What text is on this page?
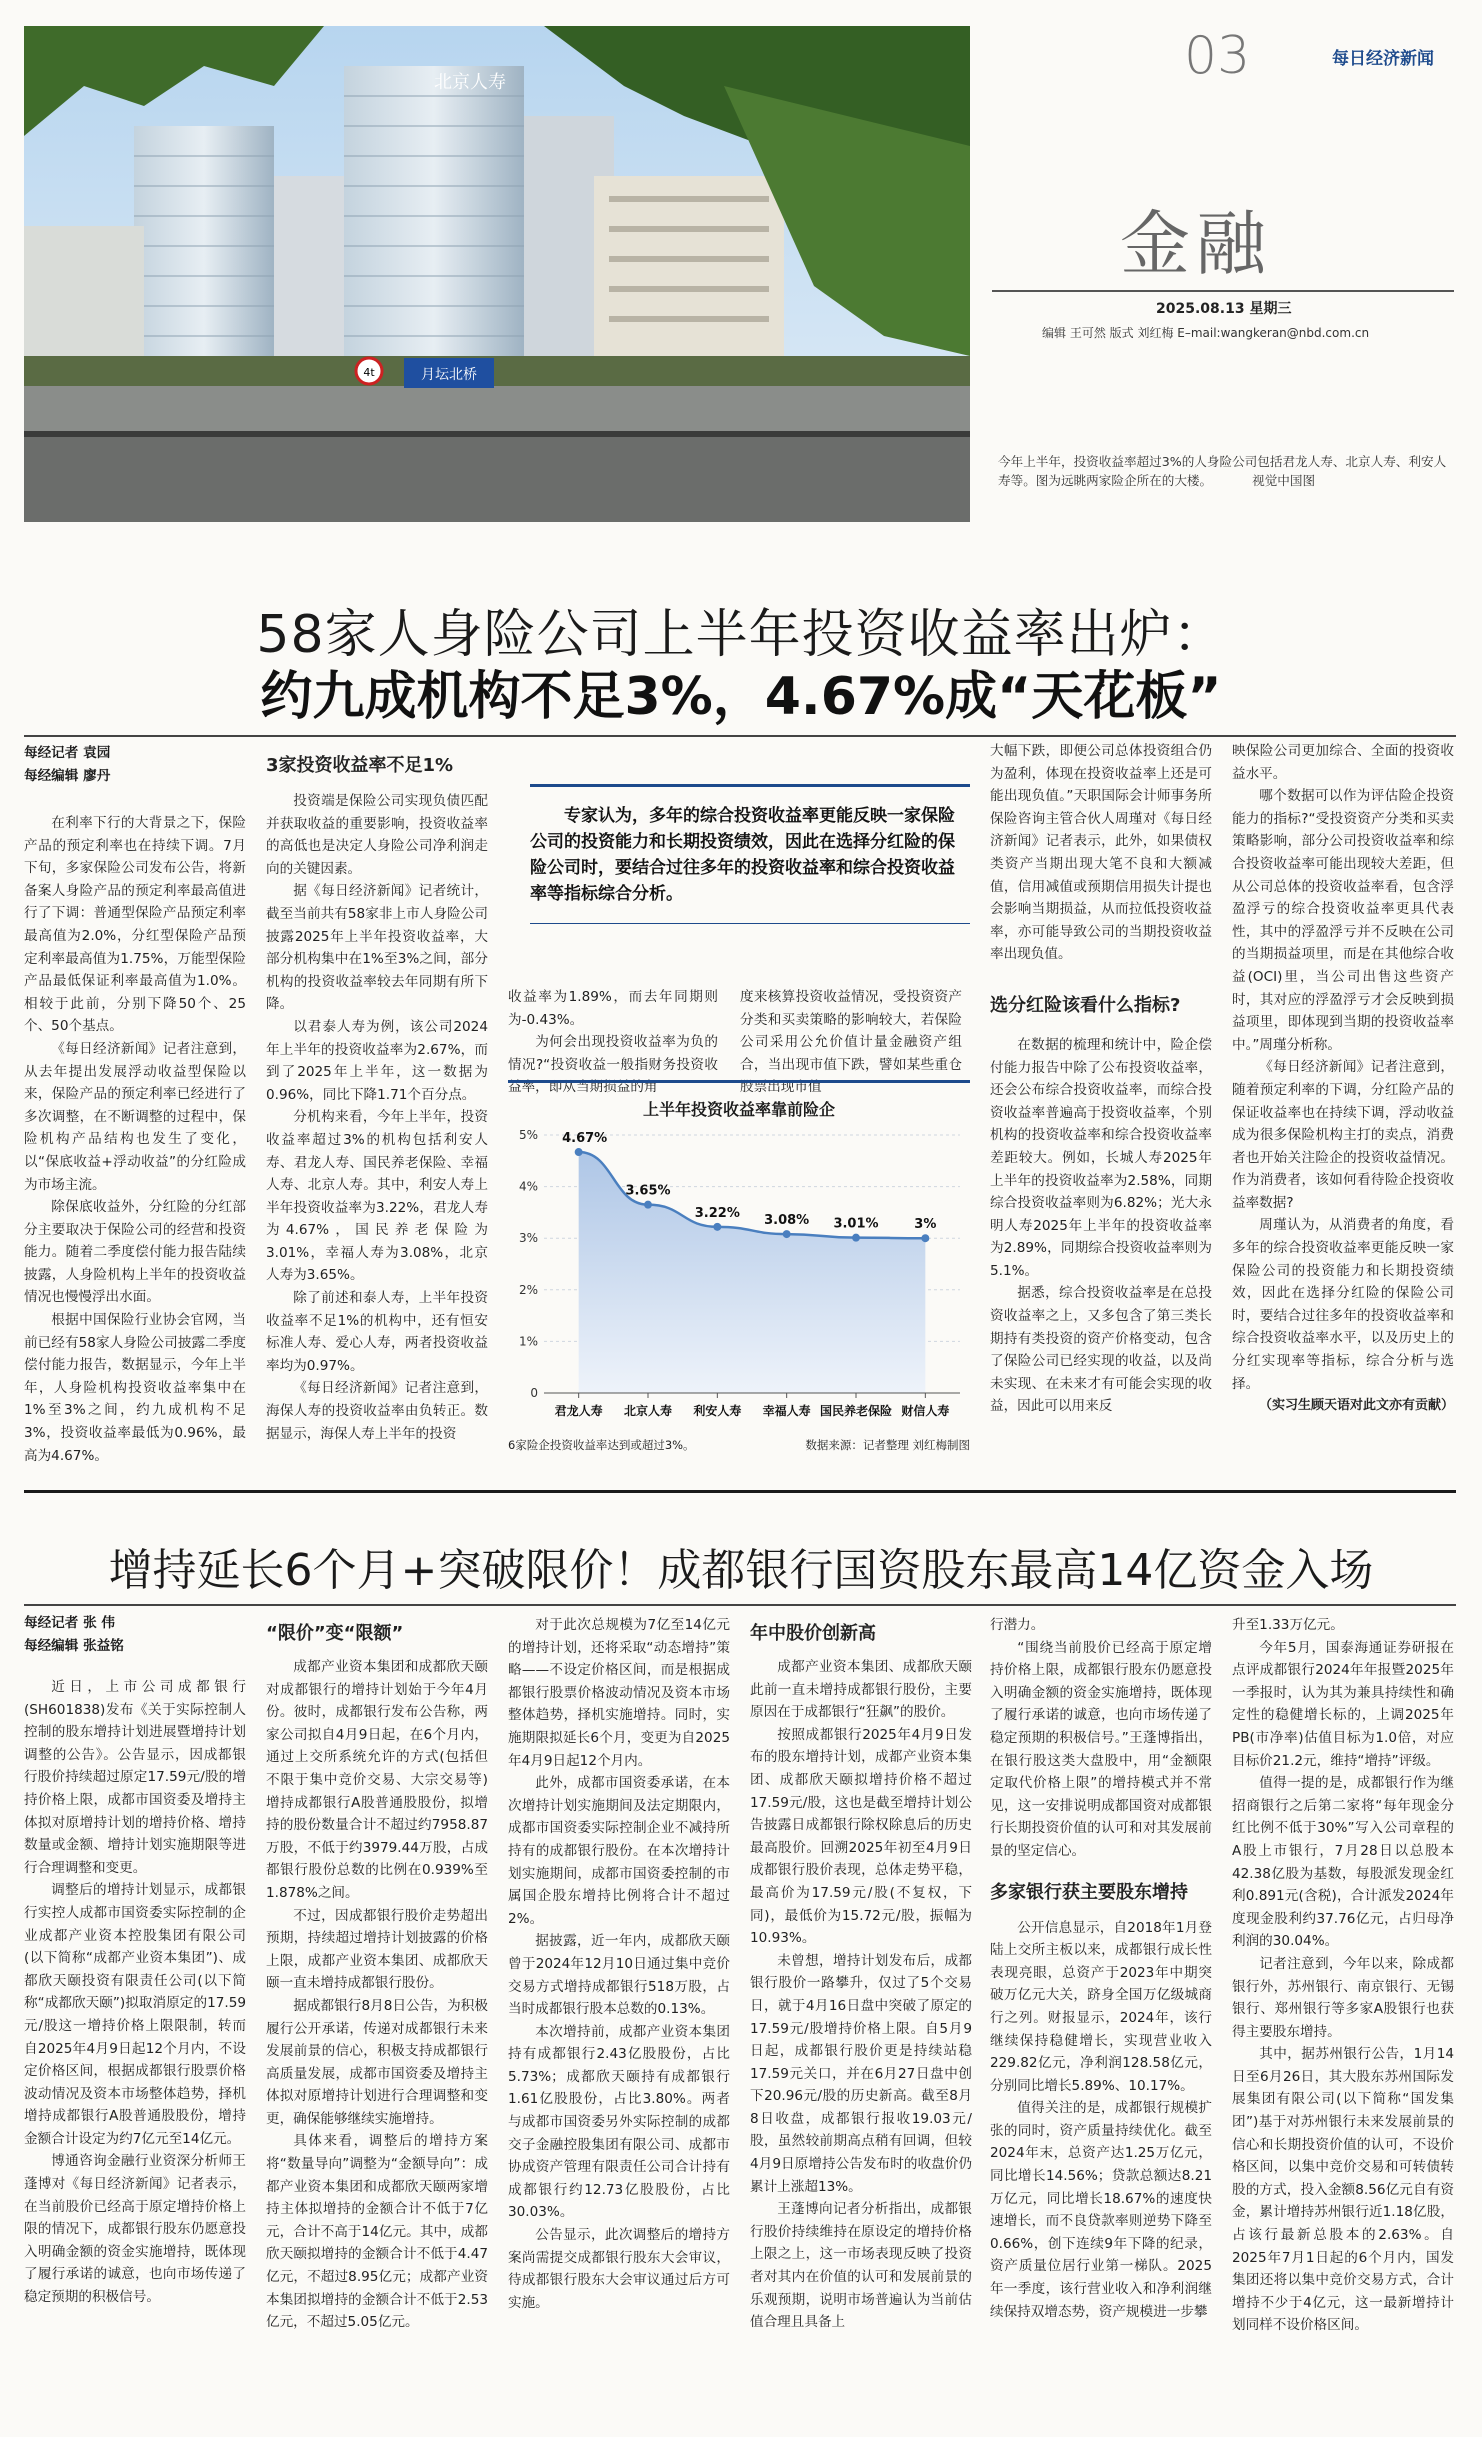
03	每日经济新闻
金融
2025.08.13 星期三
编辑 王可然 版式 刘红梅 E–mail:wangkeran@nbd.com.cn
月坛北桥
4t
北京人寿
今年上半年，投资收益率超过3%的人身险公司包括君龙人寿、北京人寿、利安人寿等。图为远眺两家险企所在的大楼。	视觉中国图
58家人身险公司上半年投资收益率出炉：
约九成机构不足3%，4.67%成“天花板”
每经记者 袁园
每经编辑 廖丹

在利率下行的大背景之下，保险产品的预定利率也在持续下调。7月下旬，多家保险公司发布公告，将新备案人身险产品的预定利率最高值进行了下调：普通型保险产品预定利率最高值为2.0%，分红型保险产品预定利率最高值为1.75%，万能型保险产品最低保证利率最高值为1.0%。相较于此前，分别下降50个、25个、50个基点。

《每日经济新闻》记者注意到，从去年提出发展浮动收益型保险以来，保险产品的预定利率已经进行了多次调整，在不断调整的过程中，保险机构产品结构也发生了变化，以“保底收益+浮动收益”的分红险成为市场主流。

除保底收益外，分红险的分红部分主要取决于保险公司的经营和投资能力。随着二季度偿付能力报告陆续披露，人身险机构上半年的投资收益情况也慢慢浮出水面。

根据中国保险行业协会官网，当前已经有58家人身险公司披露二季度偿付能力报告，数据显示，今年上半年，人身险机构投资收益率集中在1%至3%之间，约九成机构不足3%，投资收益率最低为0.96%，最高为4.67%。

3家投资收益率不足1%

投资端是保险公司实现负债匹配并获取收益的重要影响，投资收益率的高低也是决定人身险公司净利润走向的关键因素。

据《每日经济新闻》记者统计，截至当前共有58家非上市人身险公司披露2025年上半年投资收益率，大部分机构集中在1%至3%之间，部分机构的投资收益率较去年同期有所下降。

以君泰人寿为例，该公司2024年上半年的投资收益率为2.67%，而到了2025年上半年，这一数据为0.96%，同比下降1.71个百分点。

分机构来看，今年上半年，投资收益率超过3%的机构包括利安人寿、君龙人寿、国民养老保险、幸福人寿、北京人寿。其中，利安人寿上半年投资收益率为3.22%，君龙人寿为4.67%，国民养老保险为3.01%，幸福人寿为3.08%，北京人寿为3.65%。

除了前述和泰人寿，上半年投资收益率不足1%的机构中，还有恒安标准人寿、爱心人寿，两者投资收益率均为0.97%。

《每日经济新闻》记者注意到，海保人寿的投资收益率由负转正。数据显示，海保人寿上半年的投资

专家认为，多年的综合投资收益率更能反映一家保险公司的投资能力和长期投资绩效，因此在选择分红险的保险公司时，要结合过往多年的投资收益率和综合投资收益率等指标综合分析。

收益率为1.89%，而去年同期则为-0.43%。

为何会出现投资收益率为负的情况?“投资收益一般指财务投资收益率，即从当期损益的角

度来核算投资收益情况，受投资资产分类和买卖策略的影响较大，若保险公司采用公允价值计量金融资产组合，当出现市值下跌，譬如某些重仓股票出现市值

上半年投资收益率靠前险企
5%
4%
3%
2%
1%
0
4.67%
君龙人寿
3.65%
北京人寿
3.22%
利安人寿
3.08%
幸福人寿
3.01%
国民养老保险
3%
财信人寿
6家险企投资收益率达到或超过3%。	数据来源：记者整理 刘红梅制图

大幅下跌，即便公司总体投资组合仍为盈利，体现在投资收益率上还是可能出现负值。”天职国际会计师事务所保险咨询主管合伙人周瑾对《每日经济新闻》记者表示，此外，如果债权类资产当期出现大笔不良和大额减值，信用减值或预期信用损失计提也会影响当期损益，从而拉低投资收益率，亦可能导致公司的当期投资收益率出现负值。

选分红险该看什么指标?

在数据的梳理和统计中，险企偿付能力报告中除了公布投资收益率，还会公布综合投资收益率，而综合投资收益率普遍高于投资收益率，个别机构的投资收益率和综合投资收益率差距较大。例如，长城人寿2025年上半年的投资收益率为2.58%，同期综合投资收益率则为6.82%；光大永明人寿2025年上半年的投资收益率为2.89%，同期综合投资收益率则为5.1%。

据悉，综合投资收益率是在总投资收益率之上，又多包含了第三类长期持有类投资的资产价格变动，包含了保险公司已经实现的收益，以及尚未实现、在未来才有可能会实现的收益，因此可以用来反

映保险公司更加综合、全面的投资收益水平。

哪个数据可以作为评估险企投资能力的指标?“受投资资产分类和买卖策略影响，部分公司投资收益率和综合投资收益率可能出现较大差距，但从公司总体的投资收益率看，包含浮盈浮亏的综合投资收益率更具代表性，其中的浮盈浮亏并不反映在公司的当期损益项里，而是在其他综合收益(OCI)里，当公司出售这些资产时，其对应的浮盈浮亏才会反映到损益项里，即体现到当期的投资收益率中。”周瑾分析称。

《每日经济新闻》记者注意到，随着预定利率的下调，分红险产品的保证收益率也在持续下调，浮动收益成为很多保险机构主打的卖点，消费者也开始关注险企的投资收益情况。作为消费者，该如何看待险企投资收益率数据?

周瑾认为，从消费者的角度，看多年的综合投资收益率更能反映一家保险公司的投资能力和长期投资绩效，因此在选择分红险的保险公司时，要结合过往多年的投资收益率和综合投资收益率水平，以及历史上的分红实现率等指标，综合分析与选择。

（实习生顾天语对此文亦有贡献）
增持延长6个月+突破限价！成都银行国资股东最高14亿资金入场
每经记者 张 伟
每经编辑 张益铭

近日，上市公司成都银行(SH601838)发布《关于实际控制人控制的股东增持计划进展暨增持计划调整的公告》。公告显示，因成都银行股价持续超过原定17.59元/股的增持价格上限，成都市国资委及增持主体拟对原增持计划的增持价格、增持数量或金额、增持计划实施期限等进行合理调整和变更。

调整后的增持计划显示，成都银行实控人成都市国资委实际控制的企业成都产业资本控股集团有限公司(以下简称“成都产业资本集团”)、成都欣天颐投资有限责任公司(以下简称“成都欣天颐”)拟取消原定的17.59元/股这一增持价格上限限制，转而自2025年4月9日起12个月内，不设定价格区间，根据成都银行股票价格波动情况及资本市场整体趋势，择机增持成都银行A股普通股股份，增持金额合计设定为约7亿元至14亿元。

博通咨询金融行业资深分析师王蓬博对《每日经济新闻》记者表示，在当前股价已经高于原定增持价格上限的情况下，成都银行股东仍愿意投入明确金额的资金实施增持，既体现了履行承诺的诚意，也向市场传递了稳定预期的积极信号。

“限价”变“限额”

成都产业资本集团和成都欣天颐对成都银行的增持计划始于今年4月份。彼时，成都银行发布公告称，两家公司拟自4月9日起，在6个月内，通过上交所系统允许的方式(包括但不限于集中竞价交易、大宗交易等)增持成都银行A股普通股股份，拟增持的股份数量合计不超过约7958.87万股，不低于约3979.44万股，占成都银行股份总数的比例在0.939%至1.878%之间。

不过，因成都银行股价走势超出预期，持续超过增持计划披露的价格上限，成都产业资本集团、成都欣天颐一直未增持成都银行股份。

据成都银行8月8日公告，为积极履行公开承诺，传递对成都银行未来发展前景的信心，积极支持成都银行高质量发展，成都市国资委及增持主体拟对原增持计划进行合理调整和变更，确保能够继续实施增持。

具体来看，调整后的增持方案将“数量导向”调整为“金额导向”：成都产业资本集团和成都欣天颐两家增持主体拟增持的金额合计不低于7亿元，合计不高于14亿元。其中，成都欣天颐拟增持的金额合计不低于4.47亿元，不超过8.95亿元；成都产业资本集团拟增持的金额合计不低于2.53亿元，不超过5.05亿元。

对于此次总规模为7亿至14亿元的增持计划，还将采取“动态增持”策略——不设定价格区间，而是根据成都银行股票价格波动情况及资本市场整体趋势，择机实施增持。同时，实施期限拟延长6个月，变更为自2025年4月9日起12个月内。

此外，成都市国资委承诺，在本次增持计划实施期间及法定期限内，成都市国资委实际控制企业不减持所持有的成都银行股份。在本次增持计划实施期间，成都市国资委控制的市属国企股东增持比例将合计不超过2%。

据披露，近一年内，成都欣天颐曾于2024年12月10日通过集中竞价交易方式增持成都银行518万股，占当时成都银行股本总数的0.13%。

本次增持前，成都产业资本集团持有成都银行2.43亿股股份，占比5.73%；成都欣天颐持有成都银行1.61亿股股份，占比3.80%。两者与成都市国资委另外实际控制的成都交子金融控股集团有限公司、成都市协成资产管理有限责任公司合计持有成都银行约12.73亿股股份，占比30.03%。

公告显示，此次调整后的增持方案尚需提交成都银行股东大会审议，待成都银行股东大会审议通过后方可实施。

年中股价创新高

成都产业资本集团、成都欣天颐此前一直未增持成都银行股份，主要原因在于成都银行“狂飙”的股价。

按照成都银行2025年4月9日发布的股东增持计划，成都产业资本集团、成都欣天颐拟增持价格不超过17.59元/股，这也是截至增持计划公告披露日成都银行除权除息后的历史最高股价。回溯2025年初至4月9日成都银行股价表现，总体走势平稳，最高价为17.59元/股(不复权，下同)，最低价为15.72元/股，振幅为10.93%。

未曾想，增持计划发布后，成都银行股价一路攀升，仅过了5个交易日，就于4月16日盘中突破了原定的17.59元/股增持价格上限。自5月9日起，成都银行股价更是持续站稳17.59元关口，并在6月27日盘中创下20.96元/股的历史新高。截至8月8日收盘，成都银行报收19.03元/股，虽然较前期高点稍有回调，但较4月9日原增持公告发布时的收盘价仍累计上涨超13%。

王蓬博向记者分析指出，成都银行股价持续维持在原设定的增持价格上限之上，这一市场表现反映了投资者对其内在价值的认可和发展前景的乐观预期，说明市场普遍认为当前估值合理且具备上

行潜力。

“围绕当前股价已经高于原定增持价格上限，成都银行股东仍愿意投入明确金额的资金实施增持，既体现了履行承诺的诚意，也向市场传递了稳定预期的积极信号。”王蓬博指出，在银行股这类大盘股中，用“金额限定取代价格上限”的增持模式并不常见，这一安排说明成都国资对成都银行长期投资价值的认可和对其发展前景的坚定信心。

多家银行获主要股东增持

公开信息显示，自2018年1月登陆上交所主板以来，成都银行成长性表现亮眼，总资产于2023年中期突破万亿元大关，跻身全国万亿级城商行之列。财报显示，2024年，该行继续保持稳健增长，实现营业收入229.82亿元，净利润128.58亿元，分别同比增长5.89%、10.17%。

值得关注的是，成都银行规模扩张的同时，资产质量持续优化。截至2024年末，总资产达1.25万亿元，同比增长14.56%；贷款总额达8.21万亿元，同比增长18.67%的速度快速增长，而不良贷款率则逆势下降至0.66%，创下连续9年下降的纪录，资产质量位居行业第一梯队。2025年一季度，该行营业收入和净利润继续保持双增态势，资产规模进一步攀

升至1.33万亿元。

今年5月，国泰海通证券研报在点评成都银行2024年年报暨2025年一季报时，认为其为兼具持续性和确定性的稳健增长标的，上调2025年PB(市净率)估值目标为1.0倍，对应目标价21.2元，维持“增持”评级。

值得一提的是，成都银行作为继招商银行之后第二家将“每年现金分红比例不低于30%”写入公司章程的A股上市银行，7月28日以总股本42.38亿股为基数，每股派发现金红利0.891元(含税)，合计派发2024年度现金股利约37.76亿元，占归母净利润的30.04%。

记者注意到，今年以来，除成都银行外，苏州银行、南京银行、无锡银行、郑州银行等多家A股银行也获得主要股东增持。

其中，据苏州银行公告，1月14日至6月26日，其大股东苏州国际发展集团有限公司(以下简称“国发集团”)基于对苏州银行未来发展前景的信心和长期投资价值的认可，不设价格区间，以集中竞价交易和可转债转股的方式，投入金额8.56亿元自有资金，累计增持苏州银行近1.18亿股，占该行最新总股本的2.63%。自2025年7月1日起的6个月内，国发集团还将以集中竞价交易方式，合计增持不少于4亿元，这一最新增持计划同样不设价格区间。
